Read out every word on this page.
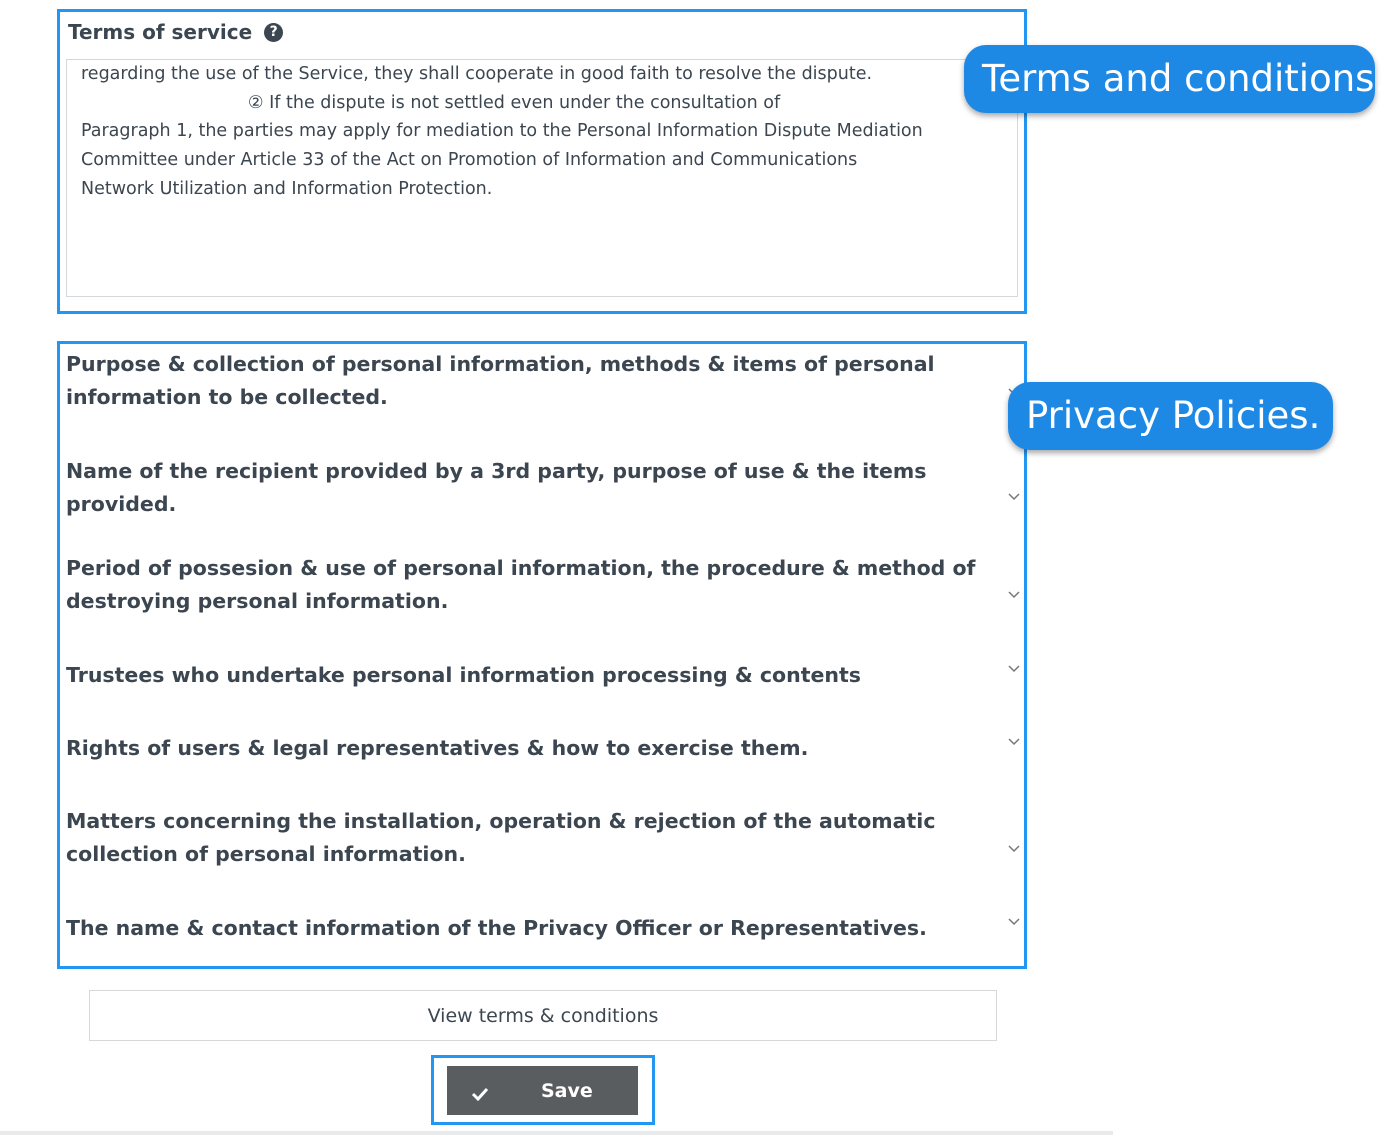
Terms of service	?

regarding the use of the Service, they shall cooperate in good faith to resolve the dispute.

② If the dispute is not settled even under the consultation of

Paragraph 1, the parties may apply for mediation to the Personal Information Dispute Mediation

Committee under Article 33 of the Act on Promotion of Information and Communications

Network Utilization and Information Protection.

Purpose & collection of personal information, methods & items of personal information to be collected.
Name of the recipient provided by a 3rd party, purpose of use & the items provided.
Period of possesion & use of personal information, the procedure & method of destroying personal information.
Trustees who undertake personal information processing & contents
Rights of users & legal representatives & how to exercise them.
Matters concerning the installation, operation & rejection of the automatic collection of personal information.
The name & contact information of the Privacy Officer or Representatives.
Terms and conditions.
Privacy Policies.
View terms & conditions
Save
